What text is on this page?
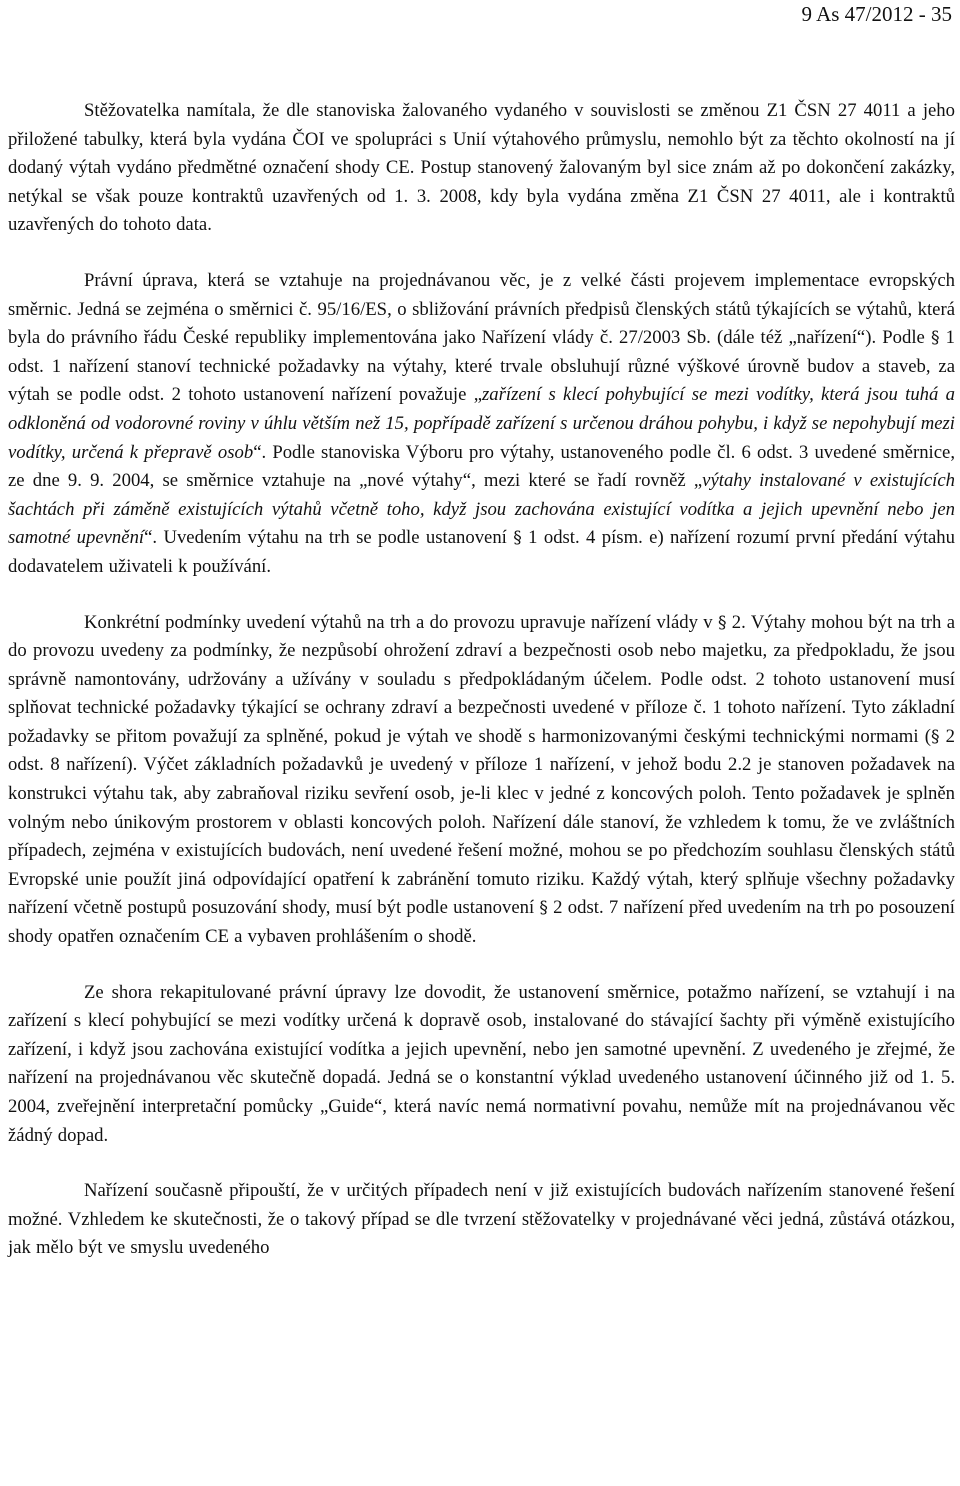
9 As 47/2012 - 35

Stěžovatelka namítala, že dle stanoviska žalovaného vydaného v souvislosti se změnou Z1 ČSN 27 4011 a jeho přiložené tabulky, která byla vydána ČOI ve spolupráci s Unií výtahového průmyslu, nemohlo být za těchto okolností na jí dodaný výtah vydáno předmětné označení shody CE. Postup stanovený žalovaným byl sice znám až po dokončení zakázky, netýkal se však pouze kontraktů uzavřených od 1. 3. 2008, kdy byla vydána změna Z1 ČSN 27 4011, ale i kontraktů uzavřených do tohoto data.

Právní úprava, která se vztahuje na projednávanou věc, je z velké části projevem implementace evropských směrnic. Jedná se zejména o směrnici č. 95/16/ES, o sbližování právních předpisů členských států týkajících se výtahů, která byla do právního řádu České republiky implementována jako Nařízení vlády č. 27/2003 Sb. (dále též „nařízení“). Podle § 1 odst. 1 nařízení stanoví technické požadavky na výtahy, které trvale obsluhují různé výškové úrovně budov a staveb, za výtah se podle odst. 2 tohoto ustanovení nařízení považuje „zařízení s klecí pohybující se mezi vodítky, která jsou tuhá a odkloněná od vodorovné roviny v úhlu větším než 15, popřípadě zařízení s určenou dráhou pohybu, i když se nepohybují mezi vodítky, určená k přepravě osob“. Podle stanoviska Výboru pro výtahy, ustanoveného podle čl. 6 odst. 3 uvedené směrnice, ze dne 9. 9. 2004, se směrnice vztahuje na „nové výtahy“, mezi které se řadí rovněž „výtahy instalované v existujících šachtách při záměně existujících výtahů včetně toho, když jsou zachována existující vodítka a jejich upevnění nebo jen samotné upevnění“. Uvedením výtahu na trh se podle ustanovení § 1 odst. 4 písm. e) nařízení rozumí první předání výtahu dodavatelem uživateli k používání.

Konkrétní podmínky uvedení výtahů na trh a do provozu upravuje nařízení vlády v § 2. Výtahy mohou být na trh a do provozu uvedeny za podmínky, že nezpůsobí ohrožení zdraví a bezpečnosti osob nebo majetku, za předpokladu, že jsou správně namontovány, udržovány a užívány v souladu s předpokládaným účelem. Podle odst. 2 tohoto ustanovení musí splňovat technické požadavky týkající se ochrany zdraví a bezpečnosti uvedené v příloze č. 1 tohoto nařízení. Tyto základní požadavky se přitom považují za splněné, pokud je výtah ve shodě s harmonizovanými českými technickými normami (§ 2 odst. 8 nařízení). Výčet základních požadavků je uvedený v příloze 1 nařízení, v jehož bodu 2.2 je stanoven požadavek na konstrukci výtahu tak, aby zabraňoval riziku sevření osob, je-li klec v jedné z koncových poloh. Tento požadavek je splněn volným nebo únikovým prostorem v oblasti koncových poloh. Nařízení dále stanoví, že vzhledem k tomu, že ve zvláštních případech, zejména v existujících budovách, není uvedené řešení možné, mohou se po předchozím souhlasu členských států Evropské unie použít jiná odpovídající opatření k zabránění tomuto riziku. Každý výtah, který splňuje všechny požadavky nařízení včetně postupů posuzování shody, musí být podle ustanovení § 2 odst. 7 nařízení před uvedením na trh po posouzení shody opatřen označením CE a vybaven prohlášením o shodě.

Ze shora rekapitulované právní úpravy lze dovodit, že ustanovení směrnice, potažmo nařízení, se vztahují i na zařízení s klecí pohybující se mezi vodítky určená k dopravě osob, instalované do stávající šachty při výměně existujícího zařízení, i když jsou zachována existující vodítka a jejich upevnění, nebo jen samotné upevnění. Z uvedeného je zřejmé, že nařízení na projednávanou věc skutečně dopadá. Jedná se o konstantní výklad uvedeného ustanovení účinného již od 1. 5. 2004, zveřejnění interpretační pomůcky „Guide“, která navíc nemá normativní povahu, nemůže mít na projednávanou věc žádný dopad.

Nařízení současně připouští, že v určitých případech není v již existujících budovách nařízením stanovené řešení možné. Vzhledem ke skutečnosti, že o takový případ se dle tvrzení stěžovatelky v projednávané věci jedná, zůstává otázkou, jak mělo být ve smyslu uvedeného
